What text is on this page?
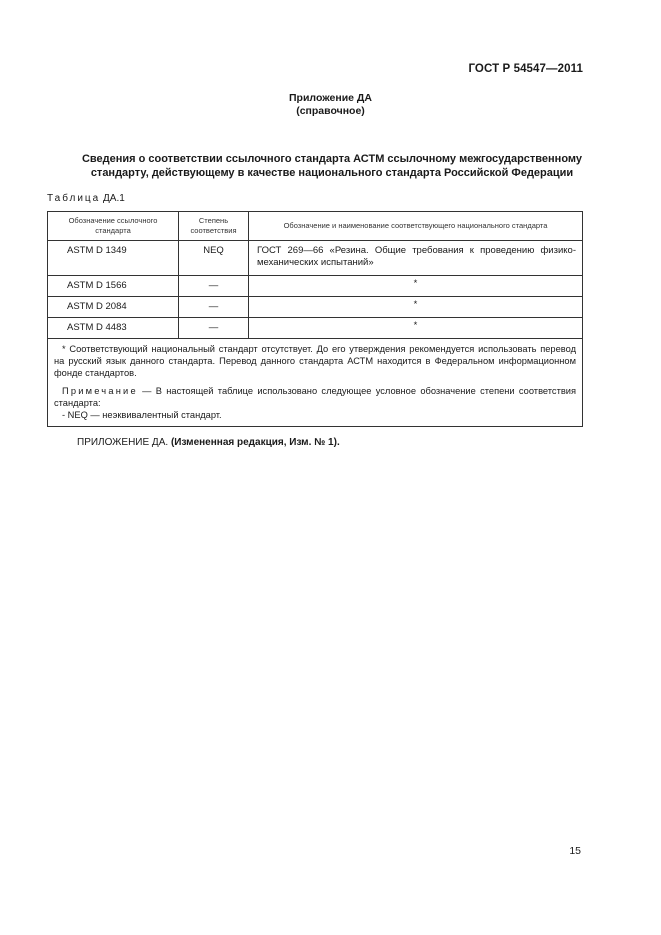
ГОСТ Р 54547—2011
Приложение ДА
(справочное)
Сведения о соответствии ссылочного стандарта АСТМ ссылочному межгосударственному
стандарту, действующему в качестве национального стандарта Российской Федерации
Таблица ДА.1
Обозначение ссылочного стандарта	Степень соответствия	Обозначение и наименование соответствующего национального стандарта
ASTM D 1349	NEQ	ГОСТ 269—66 «Резина. Общие требования к проведению физико-механических испытаний»
ASTM D 1566	—	*
ASTM D 2084	—	*
ASTM D 4483	—	*

* Соответствующий национальный стандарт отсутствует. До его утверждения рекомендуется использовать перевод на русский язык данного стандарта. Перевод данного стандарта АСТМ находится в Федеральном информационном фонде стандартов.

Примечание — В настоящей таблице использовано следующее условное обозначение степени соответствия стандарта:

- NEQ — неэквивалентный стандарт.		

ПРИЛОЖЕНИЕ ДА. (Измененная редакция, Изм. № 1).
15
